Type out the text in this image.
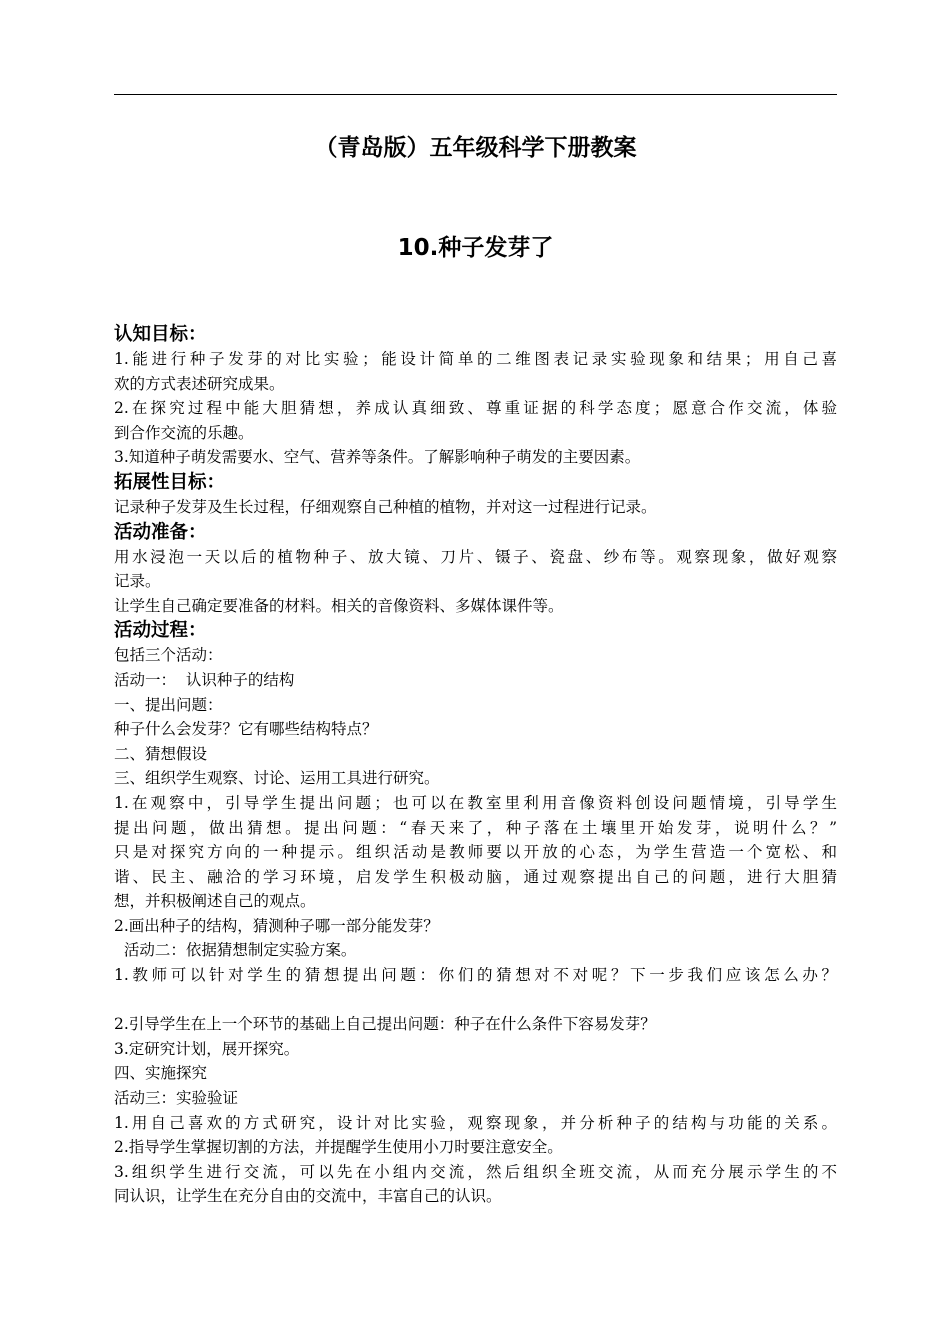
（青岛版）五年级科学下册教案
10.种子发芽了
认知目标：
1.能进行种子发芽的对比实验；能设计简单的二维图表记录实验现象和结果；用自己喜
欢的方式表述研究成果。
2.在探究过程中能大胆猜想，养成认真细致、尊重证据的科学态度；愿意合作交流，体验
到合作交流的乐趣。
3.知道种子萌发需要水、空气、营养等条件。了解影响种子萌发的主要因素。
拓展性目标：
记录种子发芽及生长过程，仔细观察自己种植的植物，并对这一过程进行记录。
活动准备：
用水浸泡一天以后的植物种子、放大镜、刀片、镊子、瓷盘、纱布等。观察现象，做好观察
记录。
让学生自己确定要准备的材料。相关的音像资料、多媒体课件等。
活动过程：
包括三个活动：
活动一：  认识种子的结构
一、提出问题：
种子什么会发芽？它有哪些结构特点？
二、猜想假设
三、组织学生观察、讨论、运用工具进行研究。
1.在观察中，引导学生提出问题；也可以在教室里利用音像资料创设问题情境，引导学生
提出问题，做出猜想。提出问题：“春天来了，种子落在土壤里开始发芽，说明什么？”
只是对探究方向的一种提示。组织活动是教师要以开放的心态，为学生营造一个宽松、和
谐、民主、融洽的学习环境，启发学生积极动脑，通过观察提出自己的问题，进行大胆猜
想，并积极阐述自己的观点。
2.画出种子的结构，猜测种子哪一部分能发芽？
活动二：依据猜想制定实验方案。
1.教师可以针对学生的猜想提出问题：你们的猜想对不对呢？下一步我们应该怎么办？
2.引导学生在上一个环节的基础上自己提出问题：种子在什么条件下容易发芽？
3.定研究计划，展开探究。
四、实施探究
活动三：实验验证
1.用自己喜欢的方式研究，设计对比实验，观察现象，并分析种子的结构与功能的关系。
2.指导学生掌握切割的方法，并提醒学生使用小刀时要注意安全。
3.组织学生进行交流，可以先在小组内交流，然后组织全班交流，从而充分展示学生的不
同认识，让学生在充分自由的交流中，丰富自己的认识。
